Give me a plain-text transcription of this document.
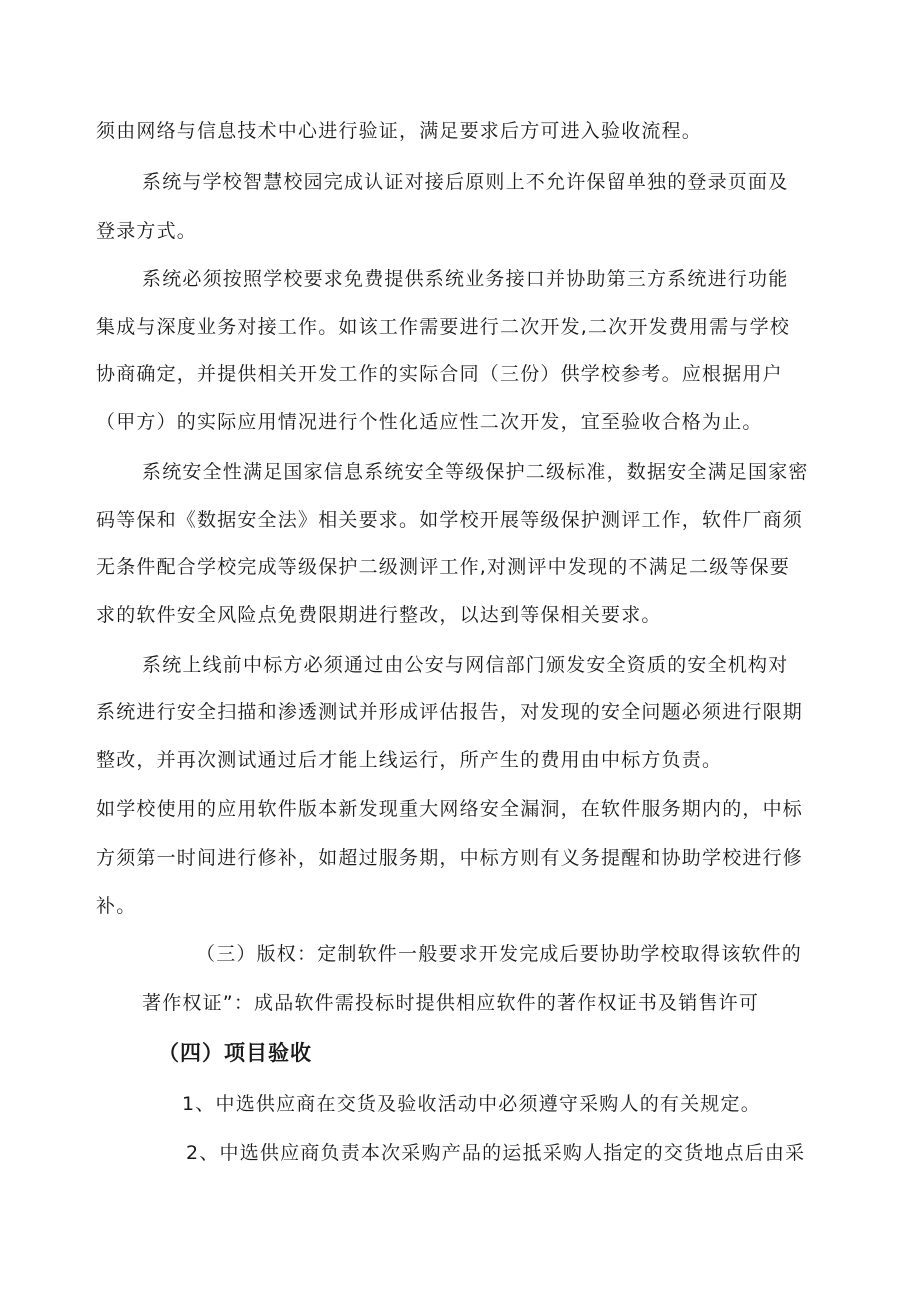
须由网络与信息技术中心进行验证，满足要求后方可进入验收流程。
系统与学校智慧校园完成认证对接后原则上不允许保留单独的登录页面及
登录方式。
系统必须按照学校要求免费提供系统业务接口并协助第三方系统进行功能
集成与深度业务对接工作。如该工作需要进行二次开发,二次开发费用需与学校
协商确定，并提供相关开发工作的实际合同（三份）供学校参考。应根据用户
（甲方）的实际应用情况进行个性化适应性二次开发，宜至验收合格为止。
系统安全性满足国家信息系统安全等级保护二级标准，数据安全满足国家密
码等保和《数据安全法》相关要求。如学校开展等级保护测评工作，软件厂商须
无条件配合学校完成等级保护二级测评工作,对测评中发现的不满足二级等保要
求的软件安全风险点免费限期进行整改，以达到等保相关要求。
系统上线前中标方必须通过由公安与网信部门颁发安全资质的安全机构对
系统进行安全扫描和渗透测试并形成评估报告，对发现的安全问题必须进行限期
整改，并再次测试通过后才能上线运行，所产生的费用由中标方负责。
如学校使用的应用软件版本新发现重大网络安全漏洞，在软件服务期内的，中标
方须第一时间进行修补，如超过服务期，中标方则有义务提醒和协助学校进行修
补。
（三）版权：定制软件一般要求开发完成后要协助学校取得该软件的
著作权证”：成品软件需投标时提供相应软件的著作权证书及销售许可
（四）项目验收
1、中选供应商在交货及验收活动中必须遵守采购人的有关规定。
2、中选供应商负责本次采购产品的运抵采购人指定的交货地点后由采
